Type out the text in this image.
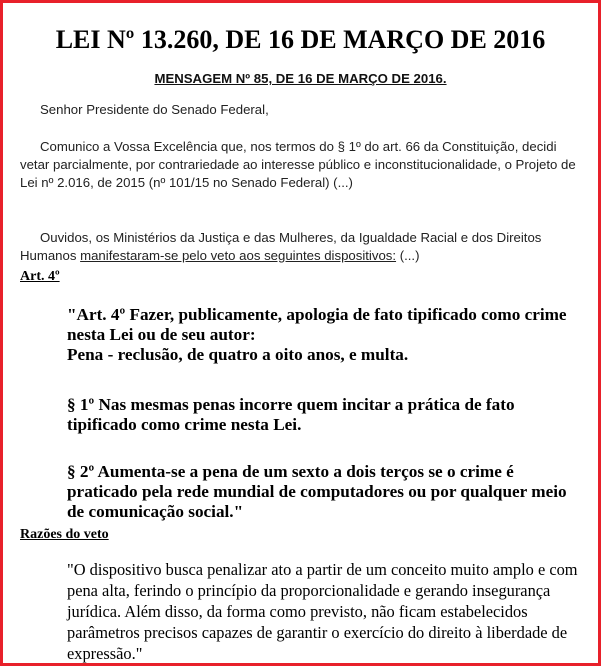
LEI Nº 13.260, DE 16 DE MARÇO DE 2016
MENSAGEM Nº 85, DE 16 DE MARÇO DE 2016.

Senhor Presidente do Senado Federal,

Comunico a Vossa Excelência que, nos termos do § 1º do art. 66 da Constituição, decidi vetar parcialmente, por contrariedade ao interesse público e inconstitucionalidade, o Projeto de Lei nº 2.016, de 2015 (nº 101/15 no Senado Federal) (...)

Ouvidos, os Ministérios da Justiça e das Mulheres, da Igualdade Racial e dos Direitos Humanos manifestaram-se pelo veto aos seguintes dispositivos: (...)

Art. 4º

"Art. 4º Fazer, publicamente, apologia de fato tipificado como crime nesta Lei ou de seu autor:
Pena - reclusão, de quatro a oito anos, e multa.

§ 1º Nas mesmas penas incorre quem incitar a prática de fato tipificado como crime nesta Lei.

§ 2º Aumenta-se a pena de um sexto a dois terços se o crime é praticado pela rede mundial de computadores ou por qualquer meio de comunicação social."

Razões do veto

"O dispositivo busca penalizar ato a partir de um conceito muito amplo e com pena alta, ferindo o princípio da proporcionalidade e gerando insegurança jurídica. Além disso, da forma como previsto, não ficam estabelecidos parâmetros precisos capazes de garantir o exercício do direito à liberdade de expressão."
